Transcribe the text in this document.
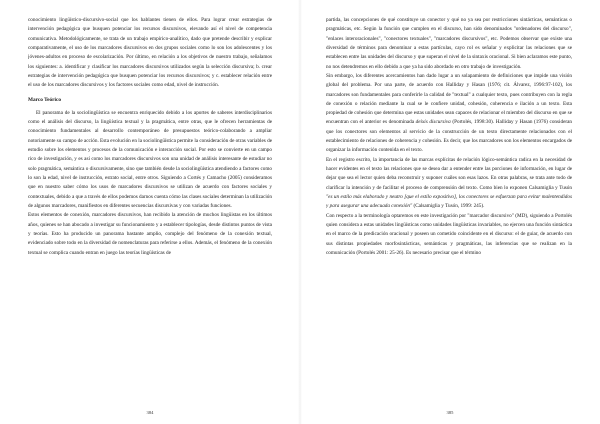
conocimiento lingüístico-discursivo-social que los hablantes tienen de ellos. Para lograr crear estrategias de intervención pedagógica que busquen potenciar los recursos discursivos, elevando así el nivel de competencia comunicativa. Metodológicamente, se trata de un trabajo empírico-analítico, dado que pretende describir y explicar comparativamente, el uso de los marcadores discursivos en dos grupos sociales como lo son los adolescentes y los jóvenes-adultos en proceso de escolarización. Por último, en relación a los objetivos de nuestro trabajo, señalamos los siguientes: a. identificar y clasificar los marcadores discursivos utilizados según la selección discursiva; b. crear estrategias de intervención pedagógica que busquen potenciar los recursos discursivos; y c. establecer relación entre el uso de los marcadores discursivos y los factores sociales como edad, nivel de instrucción.

Marco Teórico

El panorama de la sociolingüística se encuentra enriquecido debido a los aportes de saberes interdisciplinarios como el análisis del discurso, la lingüística textual y la pragmática, entre otras, que le ofrecen herramientas de conocimiento fundamentales al desarrollo contemporáneo de presupuestos teórico-colaborando a ampliar notoriamente su campo de acción. Esta evolución en la sociolingüística permite la consideración de otras variables de estudio sobre los elementos y procesos de la comunicación e interacción social. Por esto se convierte en un campo rico de investigación, y es así como los marcadores discursivos son una unidad de análisis interesante de estudiar no solo pragmática, semántica o discursivamente, sino que también desde la sociolingüística atendiendo a factores como lo son la edad, nivel de instrucción, estrato social, entre otros. Siguiendo a Cortés y Camacho (2005) consideramos que en nuestro saber cómo los usos de marcadores discursivos se utilizan de acuerdo con factores sociales y contextuales, debido a que a través de ellos podemos darnos cuenta cómo las clases sociales determinan la utilización de algunos marcadores, manifiestos en diferentes secuencias discursivas y con variadas funciones.

Estos elementos de conexión, marcadores discursivos, han recibido la atención de muchos lingüistas en los últimos años, quienes se han abocado a investigar su funcionamiento y a establecer tipologías, desde distintos puntos de vista y teorías. Esto ha producido un panorama bastante amplio, complejo del fenómeno de la conexión textual, evidenciado sobre todo en la diversidad de nomenclaturas para referirse a ellos. Además, el fenómeno de la conexión textual se complica cuando entran en juego las teorías lingüísticas de

384

partida, las concepciones de qué constituye un conector y qué no ya sea por restricciones sintácticas, semánticas o pragmáticas, etc. Según la función que cumplen en el discurso, han sido denominados "ordenadores del discurso", "enlaces interoracionales", "conectores textuales", "marcadores discursivos", etc. Podemos observar que existe una diversidad de términos para denominar a estas partículas, cayo rol es señalar y explicitar las relaciones que se establecen entre las unidades del discurso y que superan el nivel de la sintaxis oracional. Si bien aclaramos este punto, no nos detendremos en ello debido a que ya ha sido abordado en otro trabajo de investigación.

Sin embargo, los diferentes acercamientos han dado lugar a un solapamiento de definiciones que impide una visión global del problema. Por una parte, de acuerdo con Halliday y Hasan (1976; cit. Álvarez, 1996:97-102), los marcadores son fundamentales para conferirle la calidad de "textual" a cualquier texto, pues contribuyen con la regla de conexión o relación mediante la cual se le confiere unidad, cohesión, coherencia e ilación a un texto. Esta propiedad de cohesión que determina que estas unidades sean capaces de relacionar el miembro del discurso en que se encuentran con el anterior es denominada deixis discursiva (Portolés, 1998:30). Halliday y Hasan (1976) consideran que los conectores son elementos al servicio de la construcción de un texto directamente relacionados con el establecimiento de relaciones de coherencia y cohesión. Es decir, que los marcadores son los elementos encargados de organizar la información contenida en el texto.

En el registro escrito, la importancia de las marcas explícitas de relación lógico-semántica radica en la necesidad de hacer evidentes en el texto las relaciones que se desea dar a entender entre las porciones de información, en lugar de dejar que sea el lector quien deba reconstruir y suponer cuáles son esas lazos. En otras palabras, se trata ante todo de clarificar la intención y de facilitar el proceso de comprensión del texto. Como bien lo exponen Calsamiglia y Tusón "es un estilo más elaborado y neutro [que el estilo expositivo], los conectores se esfuerzan para evitar malentendidos y para asegurar una adecuada conexión" (Calsamiglia y Tusón, 1999: 245).

Con respecto a la terminología optaremos en este investigación por "marcador discursivo" (MD), siguiendo a Portolés quien considera a estas unidades lingüísticas como unidades lingüísticas invariables, no ejercen una función sintáctica en el marco de la predicación oracional y poseen un cometido coincidente en el discurso: el de guiar, de acuerdo con sus distintas propiedades morfosintácticas, semánticas y pragmáticas, las inferencias que se realizan en la comunicación (Portolés 2001: 25-26). Es necesario precisar que el término

385
